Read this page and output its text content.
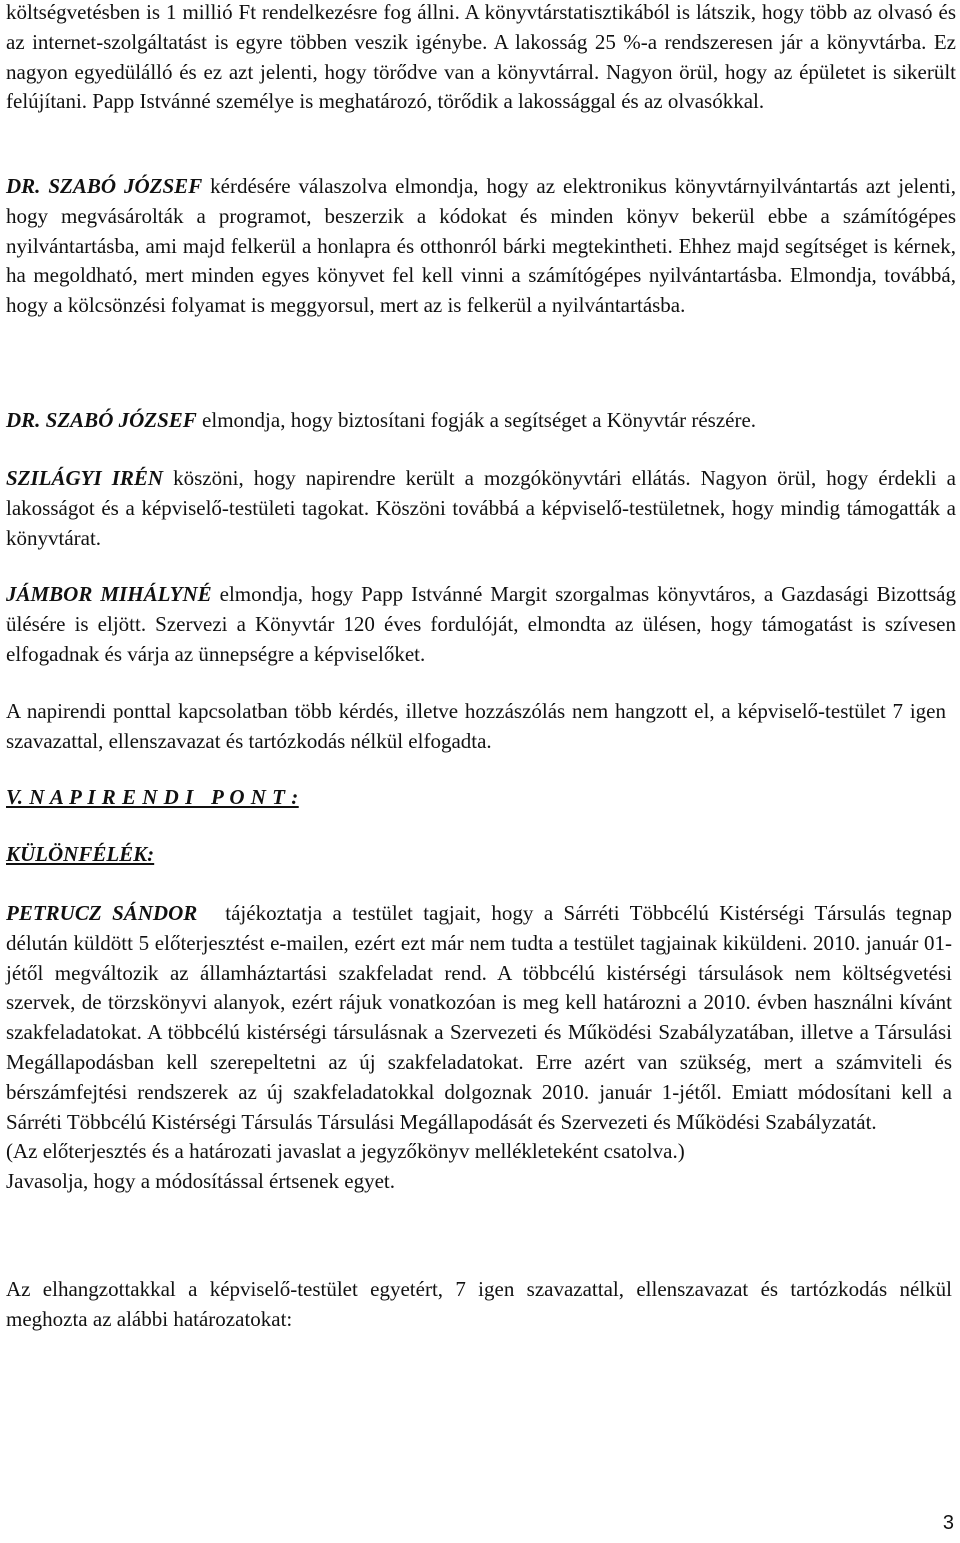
költségvetésben is 1 millió Ft rendelkezésre fog állni. A könyvtárstatisztikából is látszik, hogy több az olvasó és az internet-szolgáltatást is egyre többen veszik igénybe. A lakosság 25 %-a rendszeresen jár a könyvtárba. Ez nagyon egyedülálló és ez azt jelenti, hogy törődve van a könyvtárral. Nagyon örül, hogy az épületet is sikerült felújítani. Papp Istvánné személye is meghatározó, törődik a lakossággal és az olvasókkal.

DR. SZABÓ JÓZSEF kérdésére válaszolva elmondja, hogy az elektronikus könyvtárnyilvántartás azt jelenti, hogy megvásárolták a programot, beszerzik a kódokat és minden könyv bekerül ebbe a számítógépes nyilvántartásba, ami majd felkerül a honlapra és otthonról bárki megtekintheti. Ehhez majd segítséget is kérnek, ha megoldható, mert minden egyes könyvet fel kell vinni a számítógépes nyilvántartásba. Elmondja, továbbá, hogy a kölcsönzési folyamat is meggyorsul, mert az is felkerül a nyilvántartásba.

DR. SZABÓ JÓZSEF elmondja, hogy biztosítani fogják a segítséget a Könyvtár részére.

SZILÁGYI IRÉN köszöni, hogy napirendre került a mozgókönyvtári ellátás. Nagyon örül, hogy érdekli a lakosságot és a képviselő-testületi tagokat. Köszöni továbbá a képviselő-testületnek, hogy mindig támogatták a könyvtárat.

JÁMBOR MIHÁLYNÉ elmondja, hogy Papp Istvánné Margit szorgalmas könyvtáros, a Gazdasági Bizottság ülésére is eljött. Szervezi a Könyvtár 120 éves fordulóját, elmondta az ülésen, hogy támogatást is szívesen elfogadnak és várja az ünnepségre a képviselőket.

A napirendi ponttal kapcsolatban több kérdés, illetve hozzászólás nem hangzott el, a képviselő-testület 7 igen szavazattal, ellenszavazat és tartózkodás nélkül elfogadta.

V. N A P I R E N D I   P O N T :
KÜLÖNFÉLÉK:

PETRUCZ SÁNDOR tájékoztatja a testület tagjait, hogy a Sárréti Többcélú Kistérségi Társulás tegnap délután küldött 5 előterjesztést e-mailen, ezért ezt már nem tudta a testület tagjainak kiküldeni. 2010. január 01-jétől megváltozik az államháztartási szakfeladat rend. A többcélú kistérségi társulások nem költségvetési szervek, de törzskönyvi alanyok, ezért rájuk vonatkozóan is meg kell határozni a 2010. évben használni kívánt szakfeladatokat. A többcélú kistérségi társulásnak a Szervezeti és Működési Szabályzatában, illetve a Társulási Megállapodásban kell szerepeltetni az új szakfeladatokat. Erre azért van szükség, mert a számviteli és bérszámfejtési rendszerek az új szakfeladatokkal dolgoznak 2010. január 1-jétől. Emiatt módosítani kell a Sárréti Többcélú Kistérségi Társulás Társulási Megállapodását és Szervezeti és Működési Szabályzatát.

(Az előterjesztés és a határozati javaslat a jegyzőkönyv mellékleteként csatolva.)

Javasolja, hogy a módosítással értsenek egyet.

Az elhangzottakkal a képviselő-testület egyetért, 7 igen szavazattal, ellenszavazat és tartózkodás nélkül meghozta az alábbi határozatokat:

3
